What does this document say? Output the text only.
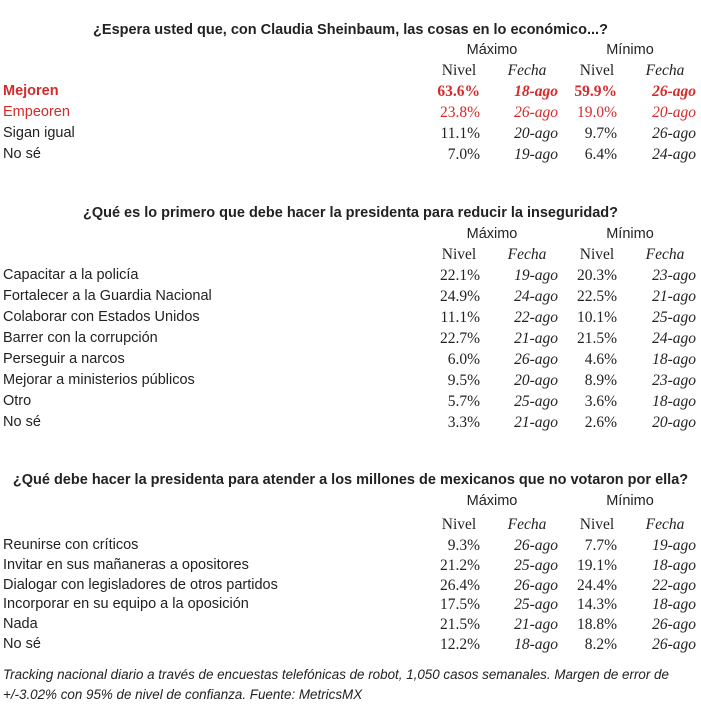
¿Espera usted que, con Claudia Sheinbaum, las cosas en lo económico...?
Máximo	Mínimo
Nivel	Fecha	Nivel	Fecha
Mejoren	63.6%	18-ago	59.9%	26-ago
Empeoren	23.8%	26-ago	19.0%	20-ago
Sigan igual	11.1%	20-ago	9.7%	26-ago
No sé	7.0%	19-ago	6.4%	24-ago
¿Qué es lo primero que debe hacer la presidenta para reducir la inseguridad?
Máximo	Mínimo
Nivel	Fecha	Nivel	Fecha
Capacitar a la policía	22.1%	19-ago	20.3%	23-ago
Fortalecer a la Guardia Nacional	24.9%	24-ago	22.5%	21-ago
Colaborar con Estados Unidos	11.1%	22-ago	10.1%	25-ago
Barrer con la corrupción	22.7%	21-ago	21.5%	24-ago
Perseguir a narcos	6.0%	26-ago	4.6%	18-ago
Mejorar a ministerios públicos	9.5%	20-ago	8.9%	23-ago
Otro	5.7%	25-ago	3.6%	18-ago
No sé	3.3%	21-ago	2.6%	20-ago
¿Qué debe hacer la presidenta para atender a los millones de mexicanos que no votaron por ella?
Máximo	Mínimo
Nivel	Fecha	Nivel	Fecha
Reunirse con críticos	9.3%	26-ago	7.7%	19-ago
Invitar en sus mañaneras a opositores	21.2%	25-ago	19.1%	18-ago
Dialogar con legisladores de otros partidos	26.4%	26-ago	24.4%	22-ago
Incorporar en su equipo a la oposición	17.5%	25-ago	14.3%	18-ago
Nada	21.5%	21-ago	18.8%	26-ago
No sé	12.2%	18-ago	8.2%	26-ago
Tracking nacional diario a través de encuestas telefónicas de robot, 1,050 casos semanales. Margen de error de +/-3.02% con 95% de nivel de confianza. Fuente: MetricsMX
